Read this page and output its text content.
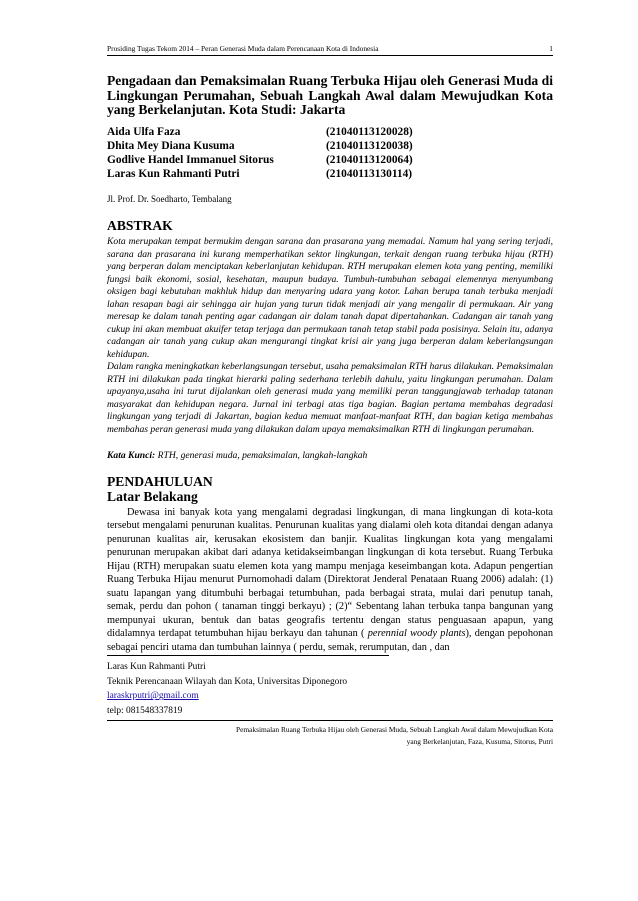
Prosiding Tugas Tekom 2014 – Peran Generasi Muda dalam Perencanaan Kota di Indonesia	1
Pengadaan dan Pemaksimalan Ruang Terbuka Hijau oleh Generasi Muda di Lingkungan Perumahan, Sebuah Langkah Awal dalam Mewujudkan Kota yang Berkelanjutan. Kota Studi: Jakarta
Aida Ulfa Faza	(21040113120028)
Dhita Mey Diana Kusuma	(21040113120038)
Godlive Handel Immanuel Sitorus	(21040113120064)
Laras Kun Rahmanti Putri	(21040113130114)
Jl. Prof. Dr. Soedharto, Tembalang
ABSTRAK

Kota merupakan tempat bermukim dengan sarana dan prasarana yang memadai. Namum hal yang sering terjadi, sarana dan prasarana ini kurang memperhatikan sektor lingkungan, terkait dengan ruang terbuka hijau (RTH) yang berperan dalam menciptakan keberlanjutan kehidupan. RTH merupakan elemen kota yang penting, memiliki fungsi baik ekonomi, sosial, kesehatan, maupun budaya. Tumbuh-tumbuhan sebagai elemennya menyumbang oksigen bagi kebutuhan makhluk hidup dan menyaring udara yang kotor. Lahan berupa tanah terbuka menjadi lahan resapan bagi air sehingga air hujan yang turun tidak menjadi air yang mengalir di permukaan. Air yang meresap ke dalam tanah penting agar cadangan air dalam tanah dapat dipertahankan. Cadangan air tanah yang cukup ini akan membuat akuifer tetap terjaga dan permukaan tanah tetap stabil pada posisinya. Selain itu, adanya cadangan air tanah yang cukup akan mengurangi tingkat krisi air yang juga berperan dalam keberlangsungan kehidupan.

Dalam rangka meningkatkan keberlangsungan tersebut, usaha pemaksimalan RTH harus dilakukan. Pemaksimalan RTH ini dilakukan pada tingkat hierarki paling sederhana terlebih dahulu, yaitu lingkungan perumahan. Dalam upayanya,usaha ini turut dijalankan oleh generasi muda yang memiliki peran tanggungjawab terhadap tatanan masyarakat dan kehidupan negara. Jurnal ini terbagi atas tiga bagian. Bagian pertama membahas degradasi lingkungan yang terjadi di Jakartan, bagian kedua memuat manfaat-manfaat RTH, dan bagian ketiga membahas membahas peran generasi muda yang dilakukan dalam upaya memaksimalkan RTH di lingkungan perumahan.

Kata Kunci: RTH, generasi muda, pemaksimalan, langkah-langkah
PENDAHULUAN
Latar Belakang

Dewasa ini banyak kota yang mengalami degradasi lingkungan, di mana lingkungan di kota-kota tersebut mengalami penurunan kualitas. Penurunan kualitas yang dialami oleh kota ditandai dengan adanya penurunan kualitas air, kerusakan ekosistem dan banjir. Kualitas lingkungan kota yang mengalami penurunan merupakan akibat dari adanya ketidakseimbangan lingkungan di kota tersebut. Ruang Terbuka Hijau (RTH) merupakan suatu elemen kota yang mampu menjaga keseimbangan kota. Adapun pengertian Ruang Terbuka Hijau menurut Purnomohadi dalam (Direktorat Jenderal Penataan Ruang 2006) adalah: (1) suatu lapangan yang ditumbuhi berbagai tetumbuhan, pada berbagai strata, mulai dari penutup tanah, semak, perdu dan pohon ( tanaman tinggi berkayu) ; (2)“ Sebentang lahan terbuka tanpa bangunan yang mempunyai ukuran, bentuk dan batas geografis tertentu dengan status penguasaan apapun, yang didalamnya terdapat tetumbuhan hijau berkayu dan tahunan ( perennial woody plants), dengan pepohonan sebagai penciri utama dan tumbuhan lainnya ( perdu, semak, rerumputan, dan , dan

Laras Kun Rahmanti Putri
Teknik Perencanaan Wilayah dan Kota, Universitas Diponegoro
laraskrputri@gmail.com
telp: 081548337819
Pemaksimalan Ruang Terbuka Hijau oleh Generasi Muda, Sebuah Langkah Awal dalam Mewujudkan Kota
yang Berkelanjutan, Faza, Kusuma, Sitorus, Putri
